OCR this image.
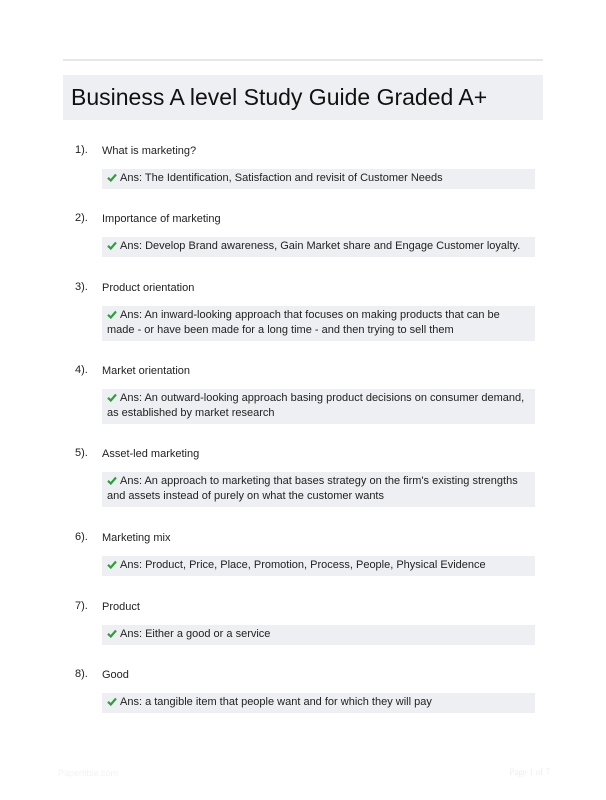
Business A level Study Guide Graded A+
1). What is marketing?
Ans: The Identification, Satisfaction and revisit of Customer Needs
2). Importance of marketing
Ans: Develop Brand awareness, Gain Market share and Engage Customer loyalty.
3). Product orientation
Ans: An inward-looking approach that focuses on making products that can be made - or have been made for a long time - and then trying to sell them
4). Market orientation
Ans: An outward-looking approach basing product decisions on consumer demand, as established by market research
5). Asset-led marketing
Ans: An approach to marketing that bases strategy on the firm's existing strengths and assets instead of purely on what the customer wants
6). Marketing mix
Ans: Product, Price, Place, Promotion, Process, People, Physical Evidence
7). Product
Ans: Either a good or a service
8). Good
Ans: a tangible item that people want and for which they will pay
Papertible.com	Page 1 of 7
